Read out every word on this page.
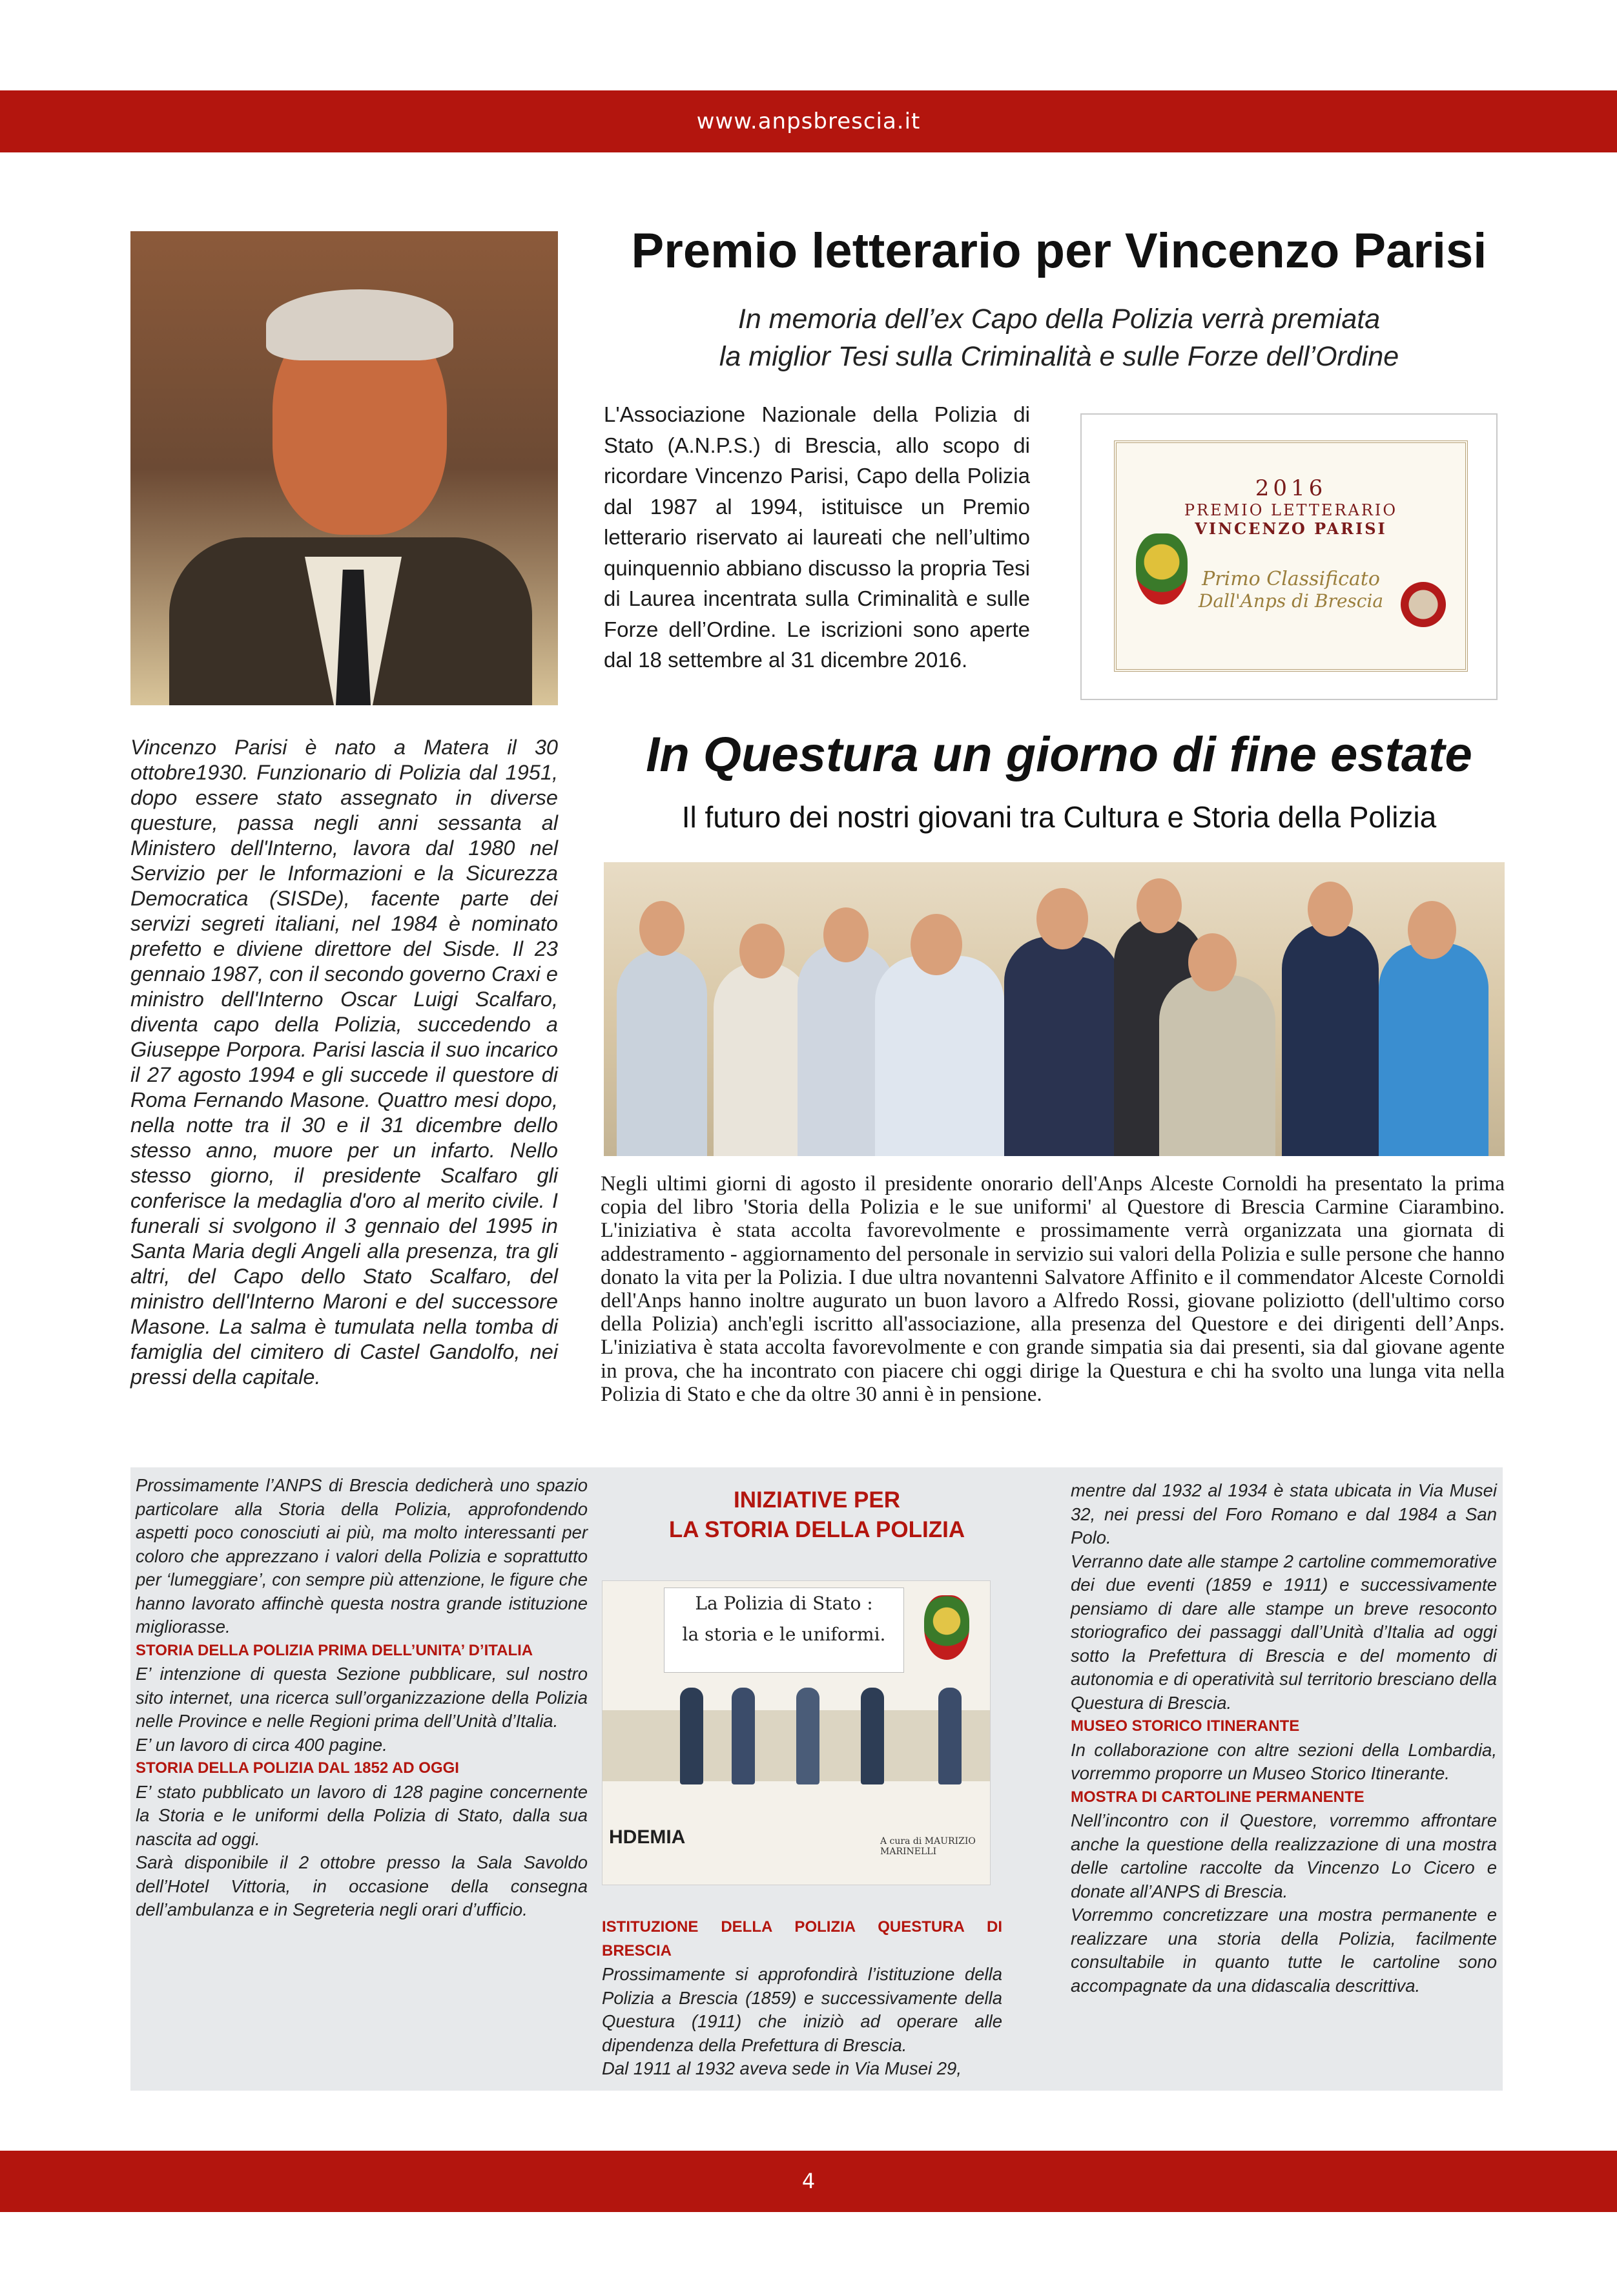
www.anpsbrescia.it
Premio letterario per Vincenzo Parisi
In memoria dell’ex Capo della Polizia verrà premiata
la miglior Tesi sulla Criminalità e sulle Forze dell’Ordine

L'Associazione Nazionale della Polizia di Stato (A.N.P.S.) di Brescia, allo scopo di ricordare Vincenzo Parisi, Capo della Polizia dal 1987 al 1994, istituisce un Premio letterario riservato ai laureati che nell’ultimo quinquennio abbiano discusso la propria Tesi di Laurea incentrata sulla Criminalità e sulle Forze dell’Ordine. Le iscrizioni sono aperte dal 18 settembre al 31 dicembre 2016.

2016
PREMIO LETTERARIO
VINCENZO PARISI
Primo Classificato
Dall'Anps di Brescia

Vincenzo Parisi è nato a Matera il 30 ottobre1930. Funzionario di Polizia dal 1951, dopo essere stato assegnato in diverse questure, passa negli anni sessanta al Ministero dell'Interno, lavora dal 1980 nel Servizio per le Informazioni e la Sicurezza Democratica (SISDe), facente parte dei servizi segreti italiani, nel 1984 è nominato prefetto e diviene direttore del Sisde. Il 23 gennaio 1987, con il secondo governo Craxi e ministro dell'Interno Oscar Luigi Scalfaro, diventa capo della Polizia, succedendo a Giuseppe Porpora. Parisi lascia il suo incarico il 27 agosto 1994 e gli succede il questore di Roma Fernando Masone. Quattro mesi dopo, nella notte tra il 30 e il 31 dicembre dello stesso anno, muore per un infarto. Nello stesso giorno, il presidente Scalfaro gli conferisce la medaglia d'oro al merito civile. I funerali si svolgono il 3 gennaio del 1995 in Santa Maria degli Angeli alla presenza, tra gli altri, del Capo dello Stato Scalfaro, del ministro dell'Interno Maroni e del successore Masone. La salma è tumulata nella tomba di famiglia del cimitero di Castel Gandolfo, nei pressi della capitale.

In Questura un giorno di fine estate
Il futuro dei nostri giovani tra Cultura e Storia della Polizia

Negli ultimi giorni di agosto il presidente onorario dell'Anps Alceste Cornoldi ha presentato la prima copia del libro 'Storia della Polizia e le sue uniformi' al Questore di Brescia Carmine Ciarambino. L'iniziativa è stata accolta favorevolmente e prossimamente verrà organizzata una giornata di addestramento - aggiornamento del personale in servizio sui valori della Polizia e sulle persone che hanno donato la vita per la Polizia. I due ultra novantenni Salvatore Affinito e il commendator Alceste Cornoldi dell'Anps hanno inoltre augurato un buon lavoro a Alfredo Rossi, giovane poliziotto (dell'ultimo corso della Polizia) anch'egli iscritto all'associazione, alla presenza del Questore e dei dirigenti dell’Anps. L'iniziativa è stata accolta favorevolmente e con grande simpatia sia dai presenti, sia dal giovane agente in prova, che ha incontrato con piacere chi oggi dirige la Questura e chi ha svolto una lunga vita nella Polizia di Stato e che da oltre 30 anni è in pensione.

Prossimamente l’ANPS di Brescia dedicherà uno spazio particolare alla Storia della Polizia, approfondendo aspetti poco conosciuti ai più, ma molto interessanti per coloro che apprezzano i valori della Polizia e soprattutto per ‘lumeggiare’, con sempre più attenzione, le figure che hanno lavorato affinchè questa nostra grande istituzione migliorasse.

STORIA DELLA POLIZIA PRIMA DELL’UNITA’ D’ITALIA

E’ intenzione di questa Sezione pubblicare, sul nostro sito internet, una ricerca sull’organizzazione della Polizia nelle Province e nelle Regioni prima dell’Unità d’Italia.

E’ un lavoro di circa 400 pagine.

STORIA DELLA POLIZIA DAL 1852 AD OGGI

E’ stato pubblicato un lavoro di 128 pagine concernente la Storia e le uniformi della Polizia di Stato, dalla sua nascita ad oggi.

Sarà disponibile il 2 ottobre presso la Sala Savoldo dell’Hotel Vittoria, in occasione della consegna dell’ambulanza e in Segreteria negli orari d’ufficio.

INIZIATIVE PER
LA STORIA DELLA POLIZIA
La Polizia di Stato :
la storia e le uniformi.
HDEMIA	A cura di MAURIZIO MARINELLI

ISTITUZIONE DELLA POLIZIA QUESTURA DI BRESCIA

Prossimamente si approfondirà l’istituzione della Polizia a Brescia (1859) e successivamente della Questura (1911) che iniziò ad operare alle dipendenza della Prefettura di Brescia.

Dal 1911 al 1932 aveva sede in Via Musei 29,

mentre dal 1932 al 1934 è stata ubicata in Via Musei 32, nei pressi del Foro Romano e dal 1984 a San Polo.

Verranno date alle stampe 2 cartoline commemorative dei due eventi (1859 e 1911) e successivamente pensiamo di dare alle stampe un breve resoconto storiografico dei passaggi dall’Unità d’Italia ad oggi sotto la Prefettura di Brescia e del momento di autonomia e di operatività sul territorio bresciano della Questura di Brescia.

MUSEO STORICO ITINERANTE

In collaborazione con altre sezioni della Lombardia, vorremmo proporre un Museo Storico Itinerante.

MOSTRA DI CARTOLINE PERMANENTE

Nell’incontro con il Questore, vorremmo affrontare anche la questione della realizzazione di una mostra delle cartoline raccolte da Vincenzo Lo Cicero e donate all’ANPS di Brescia.

Vorremmo concretizzare una mostra permanente e realizzare una storia della Polizia, facilmente consultabile in quanto tutte le cartoline sono accompagnate da una didascalia descrittiva.

4
